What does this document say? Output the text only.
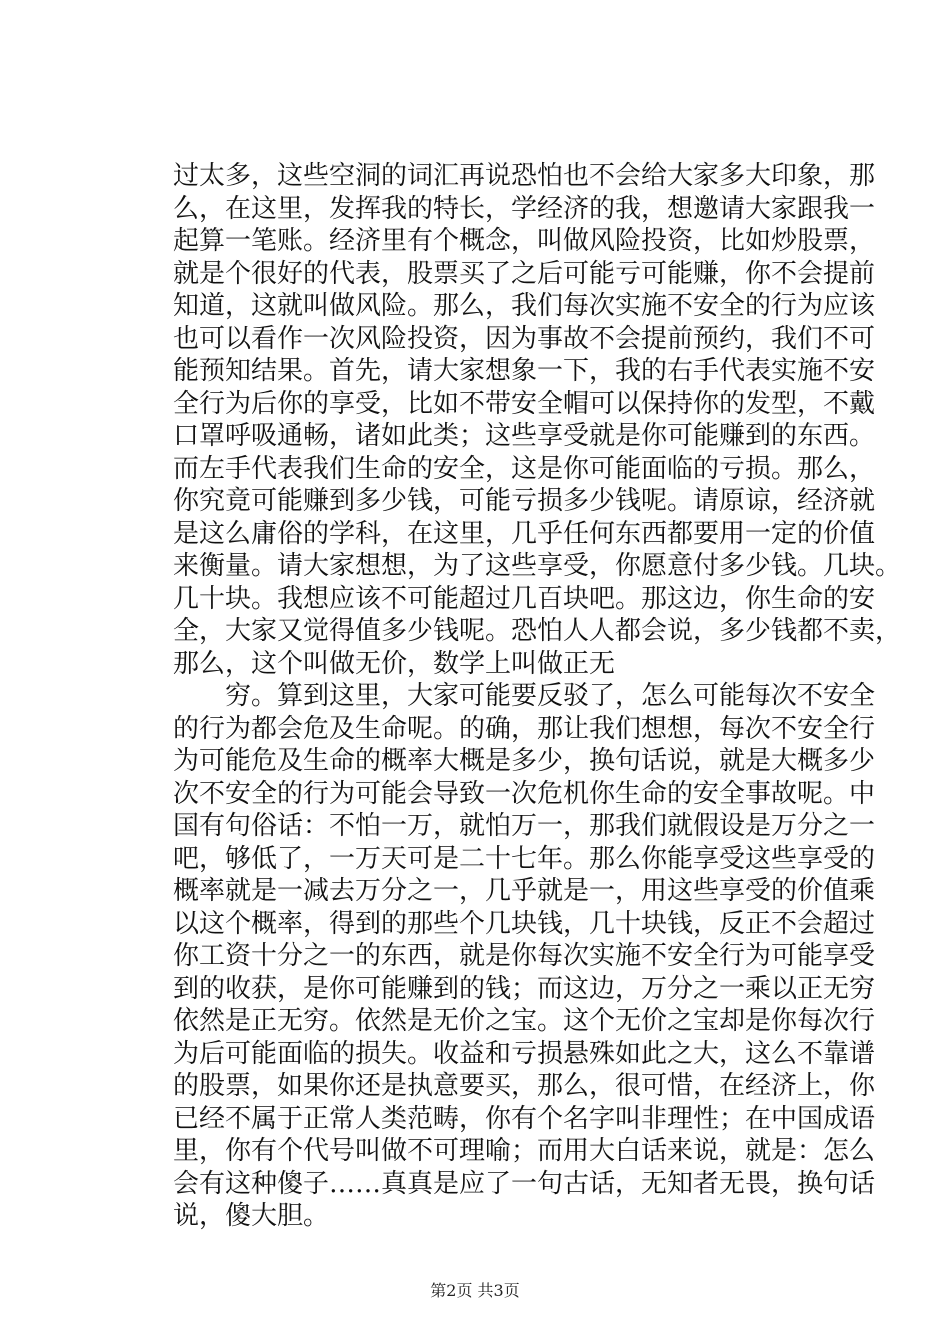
过太多，这些空洞的词汇再说恐怕也不会给大家多大印象，那
么，在这里，发挥我的特长，学经济的我，想邀请大家跟我一
起算一笔账。经济里有个概念，叫做风险投资，比如炒股票，
就是个很好的代表，股票买了之后可能亏可能赚，你不会提前
知道，这就叫做风险。那么，我们每次实施不安全的行为应该
也可以看作一次风险投资，因为事故不会提前预约，我们不可
能预知结果。首先，请大家想象一下，我的右手代表实施不安
全行为后你的享受，比如不带安全帽可以保持你的发型，不戴
口罩呼吸通畅，诸如此类；这些享受就是你可能赚到的东西。
而左手代表我们生命的安全，这是你可能面临的亏损。那么，
你究竟可能赚到多少钱，可能亏损多少钱呢。请原谅，经济就
是这么庸俗的学科，在这里，几乎任何东西都要用一定的价值
来衡量。请大家想想，为了这些享受，你愿意付多少钱。几块。
几十块。我想应该不可能超过几百块吧。那这边，你生命的安
全，大家又觉得值多少钱呢。恐怕人人都会说，多少钱都不卖，
那么，这个叫做无价，数学上叫做正无
　　穷。算到这里，大家可能要反驳了，怎么可能每次不安全
的行为都会危及生命呢。的确，那让我们想想，每次不安全行
为可能危及生命的概率大概是多少，换句话说，就是大概多少
次不安全的行为可能会导致一次危机你生命的安全事故呢。中
国有句俗话：不怕一万，就怕万一，那我们就假设是万分之一
吧，够低了，一万天可是二十七年。那么你能享受这些享受的
概率就是一减去万分之一，几乎就是一，用这些享受的价值乘
以这个概率，得到的那些个几块钱，几十块钱，反正不会超过
你工资十分之一的东西，就是你每次实施不安全行为可能享受
到的收获，是你可能赚到的钱；而这边，万分之一乘以正无穷
依然是正无穷。依然是无价之宝。这个无价之宝却是你每次行
为后可能面临的损失。收益和亏损悬殊如此之大，这么不靠谱
的股票，如果你还是执意要买，那么，很可惜，在经济上，你
已经不属于正常人类范畴，你有个名字叫非理性；在中国成语
里，你有个代号叫做不可理喻；而用大白话来说，就是：怎么
会有这种傻子……真真是应了一句古话，无知者无畏，换句话
说，傻大胆。
第2页 共3页
